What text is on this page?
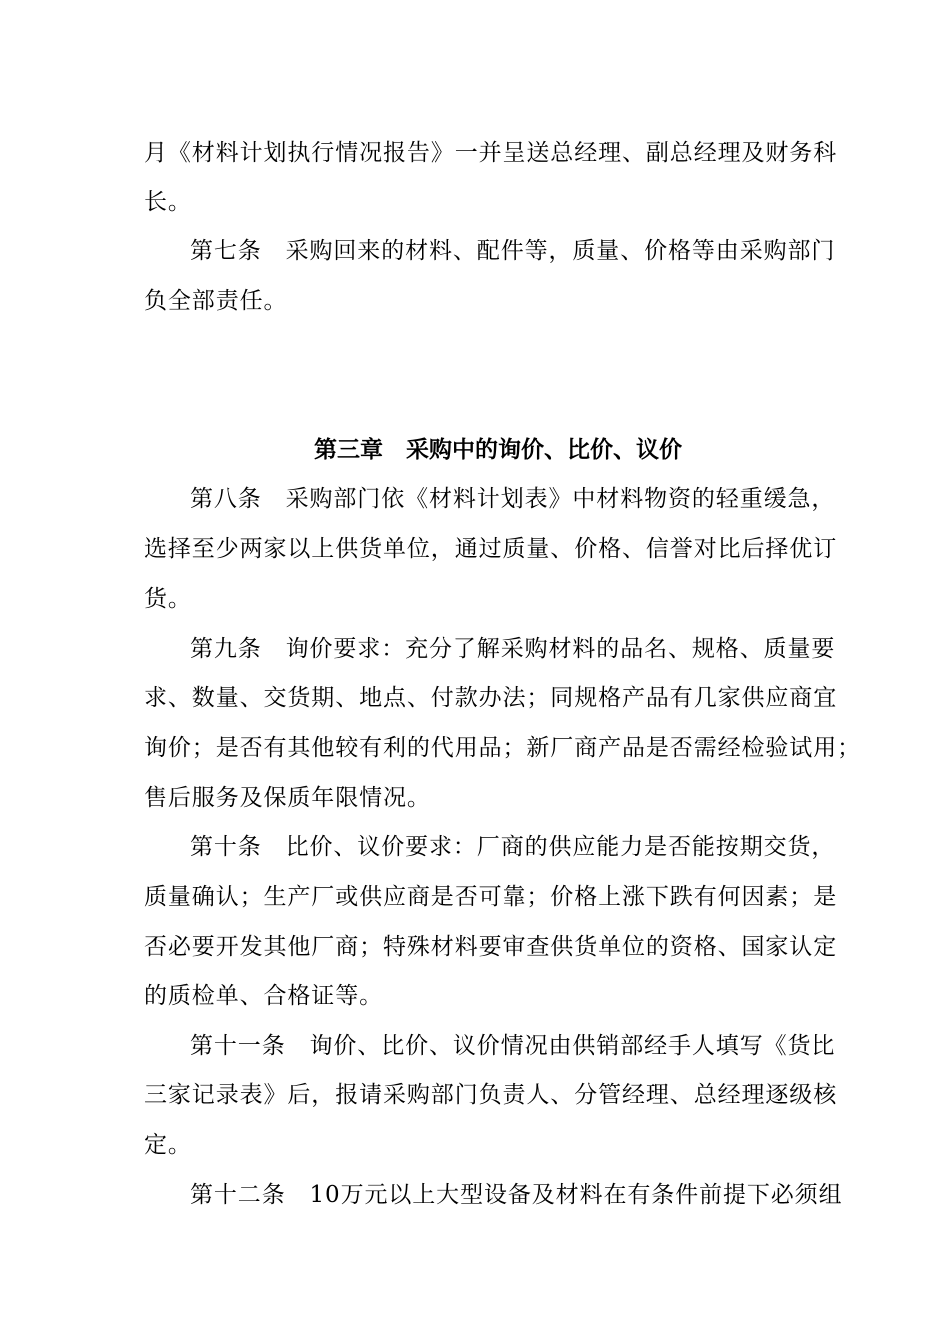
月《材料计划执行情况报告》一并呈送总经理、副总经理及财务科
长。
第七条　采购回来的材料、配件等，质量、价格等由采购部门
负全部责任。
第三章　采购中的询价、比价、议价
第八条　采购部门依《材料计划表》中材料物资的轻重缓急，
选择至少两家以上供货单位，通过质量、价格、信誉对比后择优订
货。
第九条　询价要求：充分了解采购材料的品名、规格、质量要
求、数量、交货期、地点、付款办法；同规格产品有几家供应商宜
询价；是否有其他较有利的代用品；新厂商产品是否需经检验试用；
售后服务及保质年限情况。
第十条　比价、议价要求：厂商的供应能力是否能按期交货，
质量确认；生产厂或供应商是否可靠；价格上涨下跌有何因素；是
否必要开发其他厂商；特殊材料要审查供货单位的资格、国家认定
的质检单、合格证等。
第十一条　询价、比价、议价情况由供销部经手人填写《货比
三家记录表》后，报请采购部门负责人、分管经理、总经理逐级核
定。
第十二条　10万元以上大型设备及材料在有条件前提下必须组
